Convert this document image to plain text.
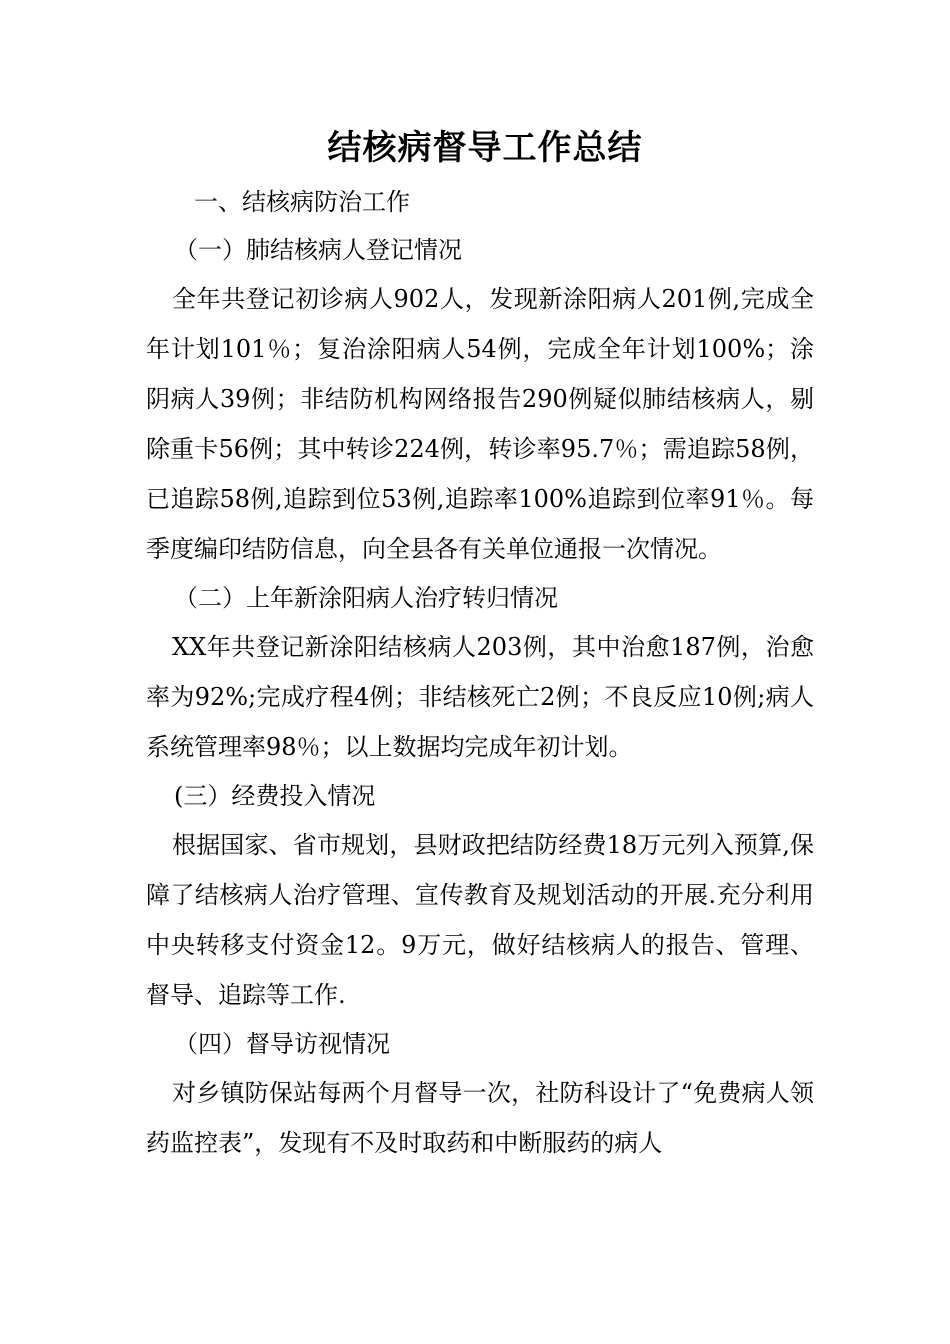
结核病督导工作总结

一、结核病防治工作

（一）肺结核病人登记情况

全年共登记初诊病人902人，发现新涂阳病人201例,完成全年计划101％；复治涂阳病人54例，完成全年计划100%；涂阴病人39例；非结防机构网络报告290例疑似肺结核病人，剔除重卡56例；其中转诊224例，转诊率95.7％；需追踪58例，已追踪58例,追踪到位53例,追踪率100%追踪到位率91％。每季度编印结防信息，向全县各有关单位通报一次情况。

（二）上年新涂阳病人治疗转归情况

XX年共登记新涂阳结核病人203例，其中治愈187例，治愈率为92%;完成疗程4例；非结核死亡2例；不良反应10例;病人系统管理率98％；以上数据均完成年初计划。

(三）经费投入情况

根据国家、省市规划，县财政把结防经费18万元列入预算,保障了结核病人治疗管理、宣传教育及规划活动的开展.充分利用中央转移支付资金12。9万元，做好结核病人的报告、管理、督导、追踪等工作.

（四）督导访视情况

对乡镇防保站每两个月督导一次，社防科设计了“免费病人领药监控表”，发现有不及时取药和中断服药的病人
